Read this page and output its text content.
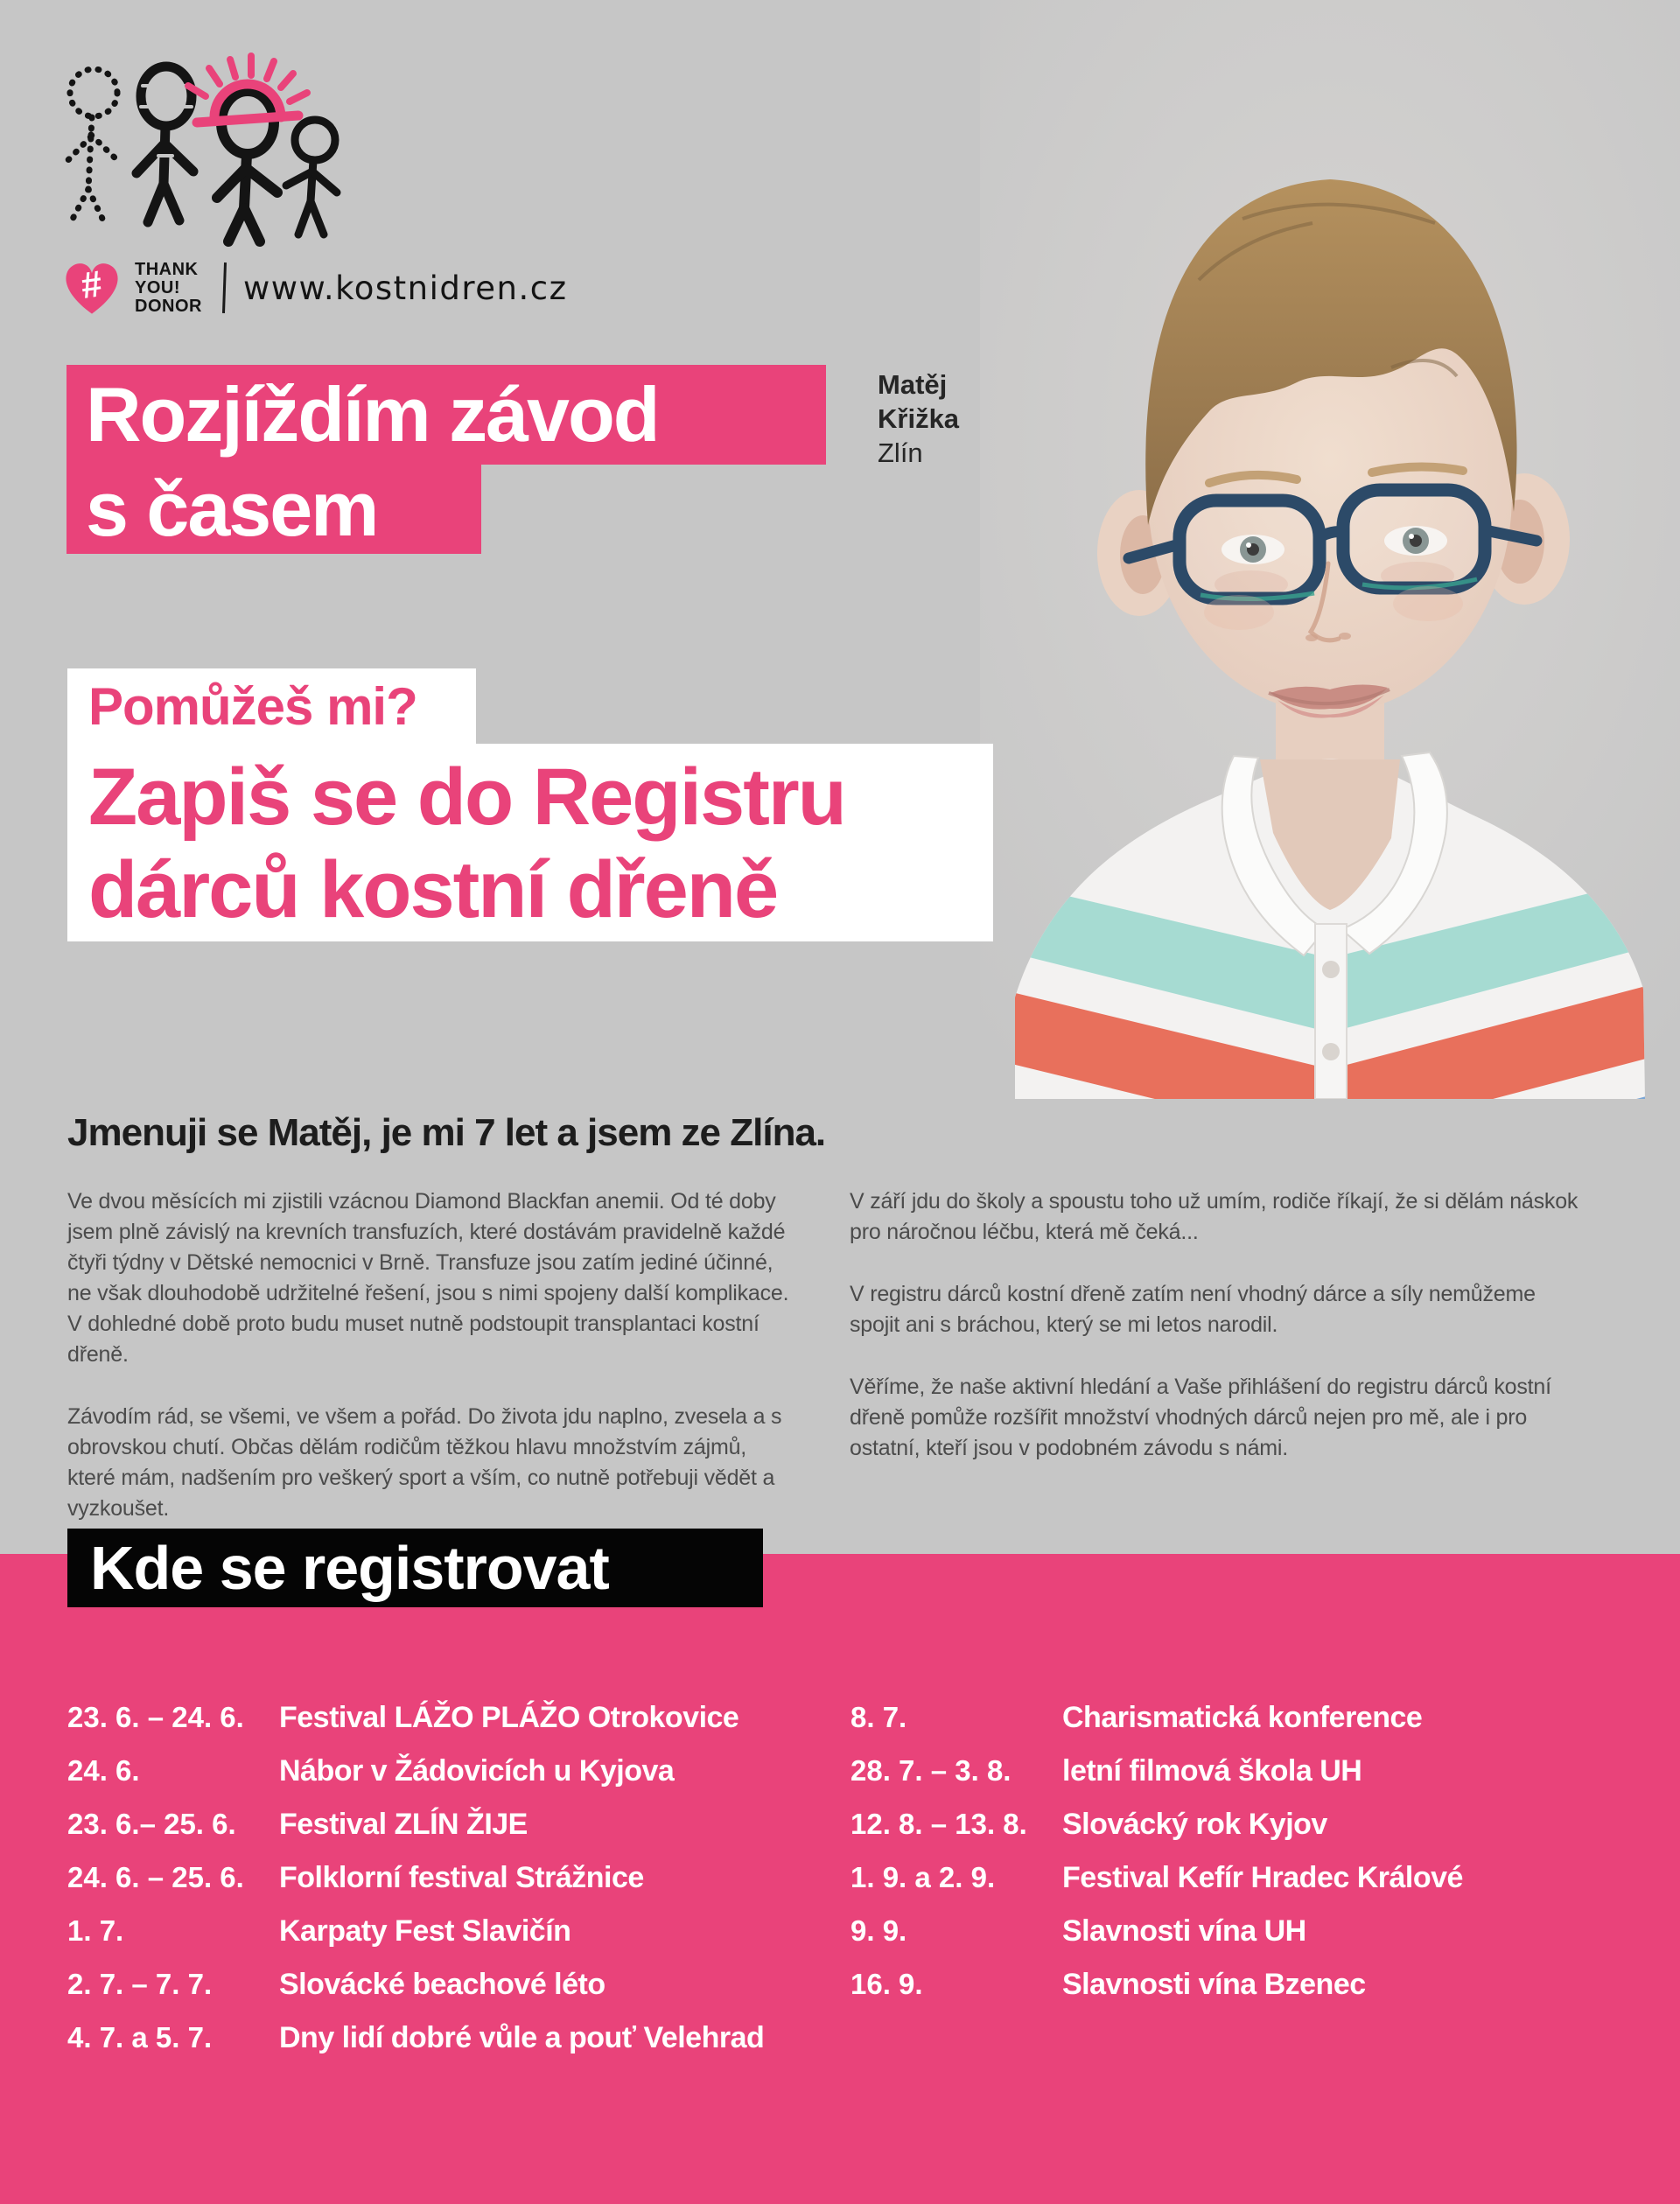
# THANK
YOU!
DONOR www.kostnidren.cz
Rozjíždím závod
s časem
Matěj
Křižka
Zlín
Pomůžeš mi?
Zapiš se do Registru
dárců kostní dřeně
Jmenuji se Matěj, je mi 7 let a jsem ze Zlína.

Ve dvou měsících mi zjistili vzácnou Diamond Blackfan anemii. Od té doby jsem plně závislý na krevních transfuzích, které dostávám pravidelně každé čtyři týdny v Dětské nemocnici v Brně. Transfuze jsou zatím jediné účinné, ne však dlouhodobě udržitelné řešení, jsou s nimi spojeny další komplikace. V dohledné době proto budu muset nutně podstoupit transplantaci kostní dřeně.

Závodím rád, se všemi, ve všem a pořád. Do života jdu naplno, zvesela a s obrovskou chutí. Občas dělám rodičům těžkou hlavu množstvím zájmů, které mám, nadšením pro veškerý sport a vším, co nutně potřebuji vědět a vyzkoušet.

V září jdu do školy a spoustu toho už umím, rodiče říkají, že si dělám náskok pro náročnou léčbu, která mě čeká...

V registru dárců kostní dřeně zatím není vhodný dárce a síly nemůžeme spojit ani s bráchou, který se mi letos narodil.

Věříme, že naše aktivní hledání a Vaše přihlášení do registru dárců kostní dřeně pomůže rozšířit množství vhodných dárců nejen pro mě, ale i pro ostatní, kteří jsou v podobném závodu s námi.

Kde se registrovat
23. 6. – 24. 6.	Festival LÁŽO PLÁŽO Otrokovice
24. 6.	Nábor v Žádovicích u Kyjova
23. 6.– 25. 6.	Festival ZLÍN ŽIJE
24. 6. – 25. 6.	Folklorní festival Strážnice
1. 7.	Karpaty Fest Slavičín
2. 7. – 7. 7.	Slovácké beachové léto
4. 7. a 5. 7.	Dny lidí dobré vůle a pouť Velehrad
8. 7.	Charismatická konference
28. 7. – 3. 8.	letní filmová škola UH
12. 8. – 13. 8.	Slovácký rok Kyjov
1. 9. a 2. 9.	Festival Kefír Hradec Králové
9. 9.	Slavnosti vína UH
16. 9.	Slavnosti vína Bzenec
